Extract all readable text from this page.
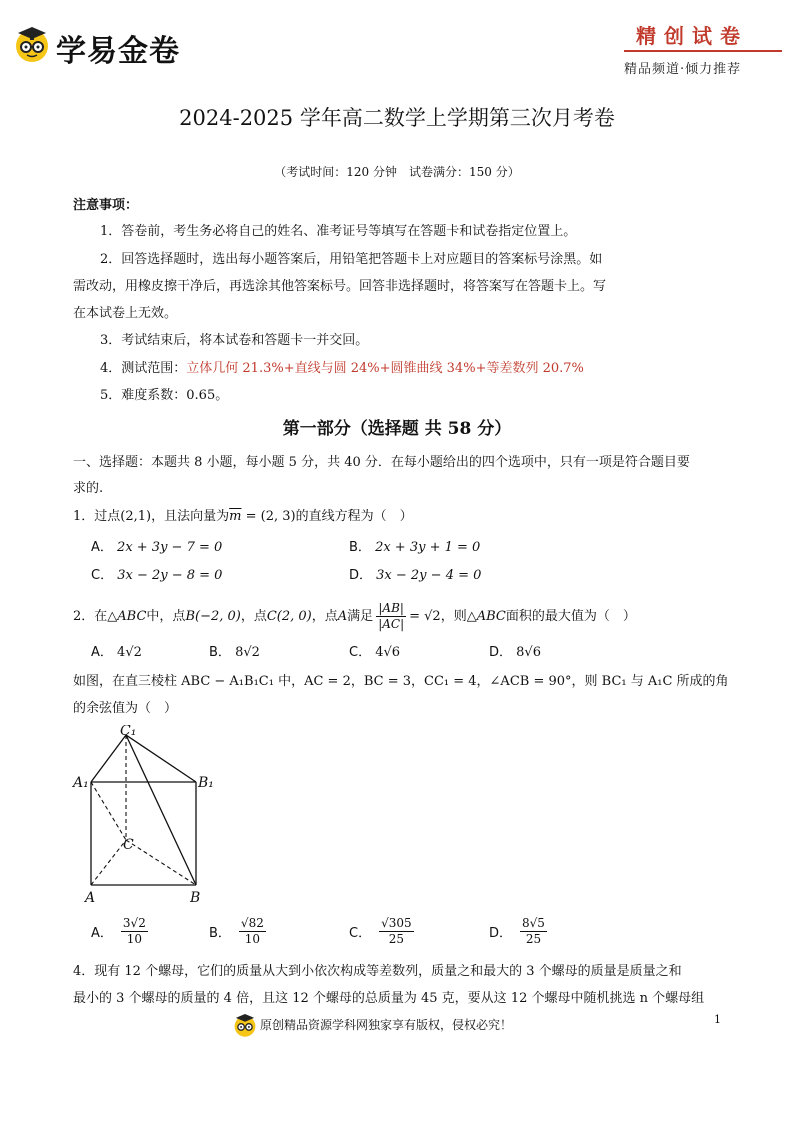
学易金卷	精创试卷
精品频道·倾力推荐
2024-2025 学年高二数学上学期第三次月考卷
（考试时间：120 分钟　试卷满分：150 分）
注意事项：
1．答卷前，考生务必将自己的姓名、准考证号等填写在答题卡和试卷指定位置上。
2．回答选择题时，选出每小题答案后，用铅笔把答题卡上对应题目的答案标号涂黑。如
需改动，用橡皮擦干净后，再选涂其他答案标号。回答非选择题时，将答案写在答题卡上。写
在本试卷上无效。
3．考试结束后，将本试卷和答题卡一并交回。
4．测试范围：立体几何 21.3%+直线与圆 24%+圆锥曲线 34%+等差数列 20.7%
5．难度系数：0.65。
第一部分（选择题 共 58 分）
一、选择题：本题共 8 小题，每小题 5 分，共 40 分．在每小题给出的四个选项中，只有一项是符合题目要
求的.
1．过点(2,1)，且法向量为$\overline{m} = (2$, 3)的直线方程为（　）
A． 2x + 3y − 7 = 0	B． 2x + 3y + 1 = 0
C． 3x − 2y − 8 = 0	D． 3x − 2y − 4 = 0
2． 在△ ABC 中，点 B(−2, 0) ，点 C(2, 0) ，点 A 满足 $\frac{|AB|}{|AC|} = √2$ ，则△ ABC 面积的最大值为（　）
A． 4√2	B． 8√2	C． 4√6	D． 8√6
如图，在直三棱柱 ABC − A₁B₁C₁ 中，AC = 2，BC = 3，CC₁ = 4，∠ACB = 90°，则 BC₁ 与 A₁C 所成的角
的余弦值为（　）
C₁
A₁	B₁
C
A	B
A． $\frac{3√2}{10}$	B． $\frac{√82}{10}$	C． $\frac{√305}{25}$	D． $\frac{8√5}{25}$
4．现有 12 个螺母，它们的质量从大到小依次构成等差数列，质量之和最大的 3 个螺母的质量是质量之和
最小的 3 个螺母的质量的 4 倍，且这 12 个螺母的总质量为 45 克，要从这 12 个螺母中随机挑选 n 个螺母组
原创精品资源学科网独家享有版权，侵权必究！	1
